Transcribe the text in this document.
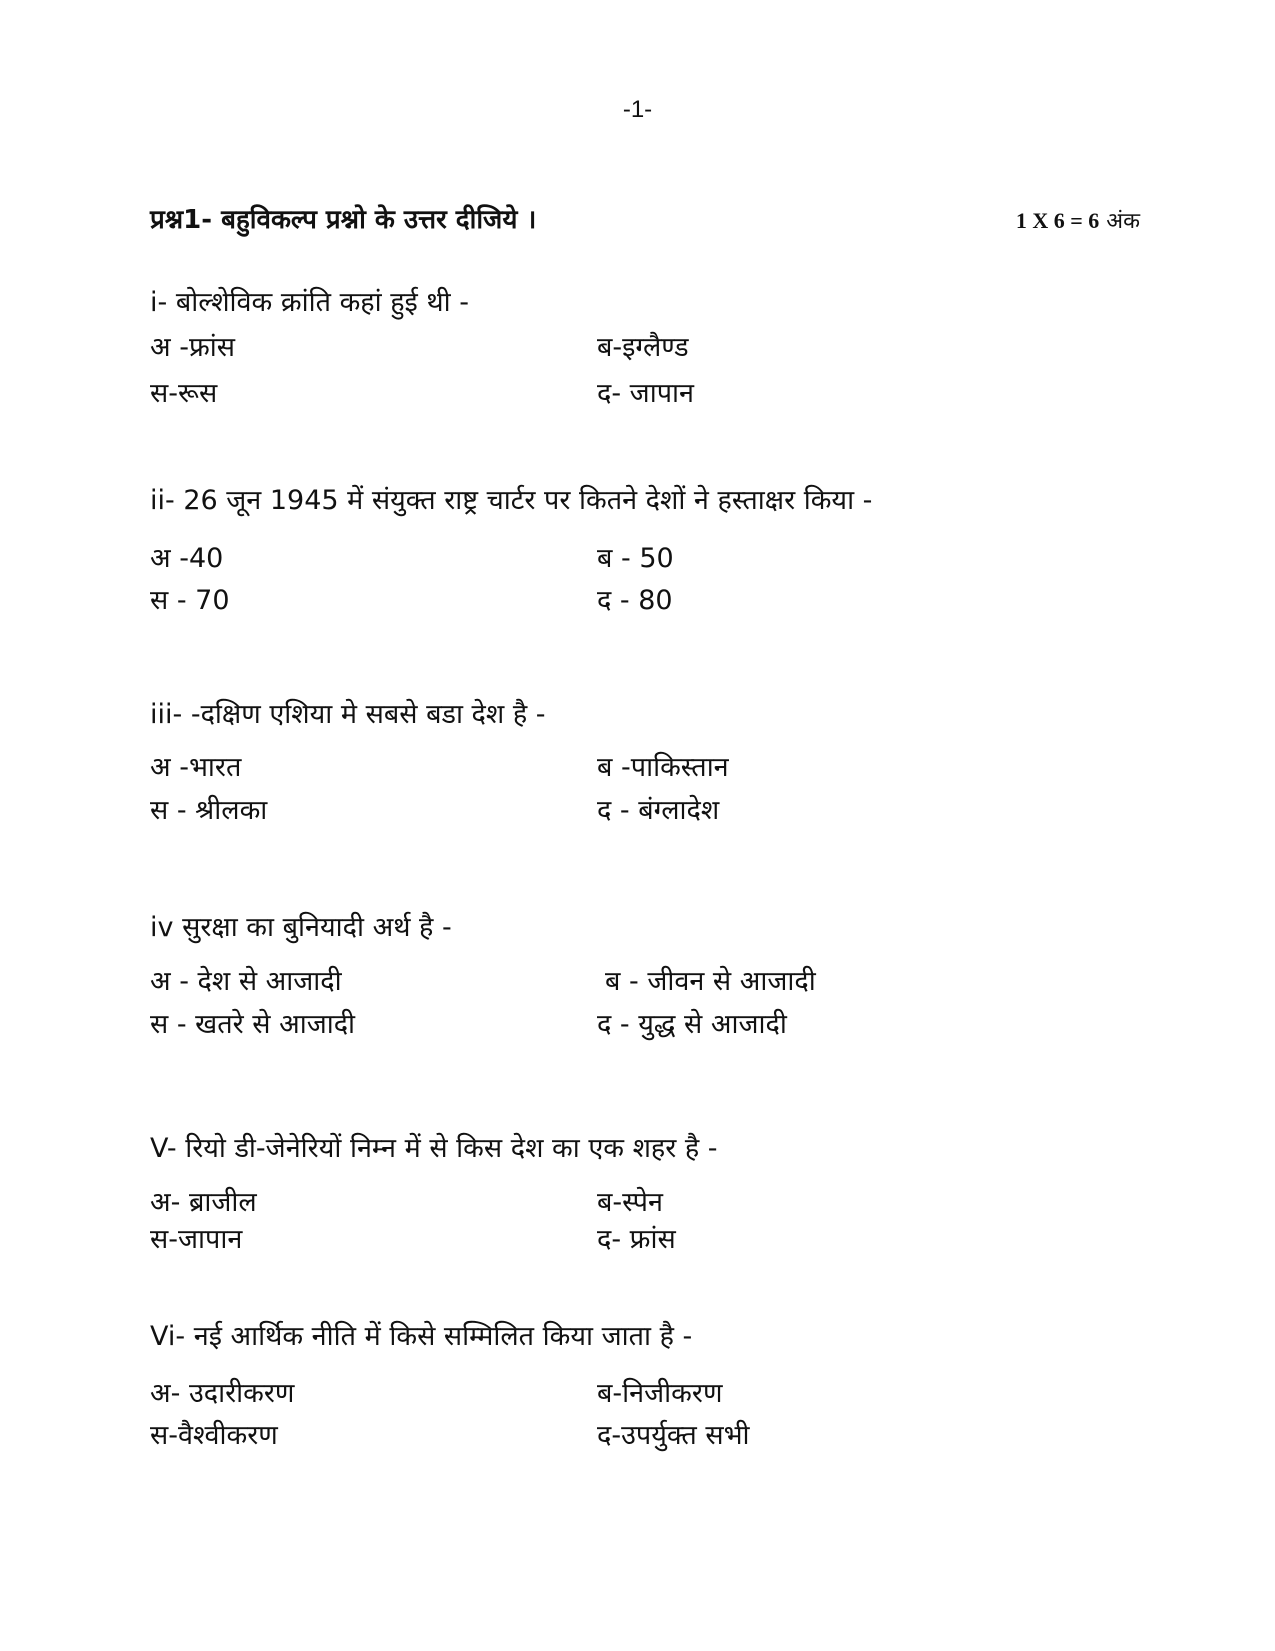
-1-
प्रश्न1- बहुविकल्प प्रश्नो के उत्तर दीजिये ।	1 X 6 = 6 अंक
i- बोल्शेविक क्रांति कहां हुई थी -
अ -फ्रांस	ब-इग्लैण्ड
स-रूस	द- जापान
ii- 26 जून 1945 में संयुक्त राष्ट्र चार्टर पर कितने देशों ने हस्ताक्षर किया -
अ -40	ब - 50
स - 70	द - 80
iii- -दक्षिण एशिया मे सबसे बडा देश है -
अ -भारत	ब -पाकिस्तान
स - श्रीलका	द - बंग्लादेश
iv सुरक्षा का बुनियादी अर्थ है -
अ - देश से आजादी	ब - जीवन से आजादी
स - खतरे से आजादी	द - युद्ध से आजादी
V- रियो डी-जेनेरियों निम्न में से किस देश का एक शहर है -
अ- ब्राजील	ब-स्पेन
स-जापान	द- फ्रांस
Vi- नई आर्थिक नीति में किसे सम्मिलित किया जाता है -
अ- उदारीकरण	ब-निजीकरण
स-वैश्वीकरण	द-उपर्युक्त सभी
